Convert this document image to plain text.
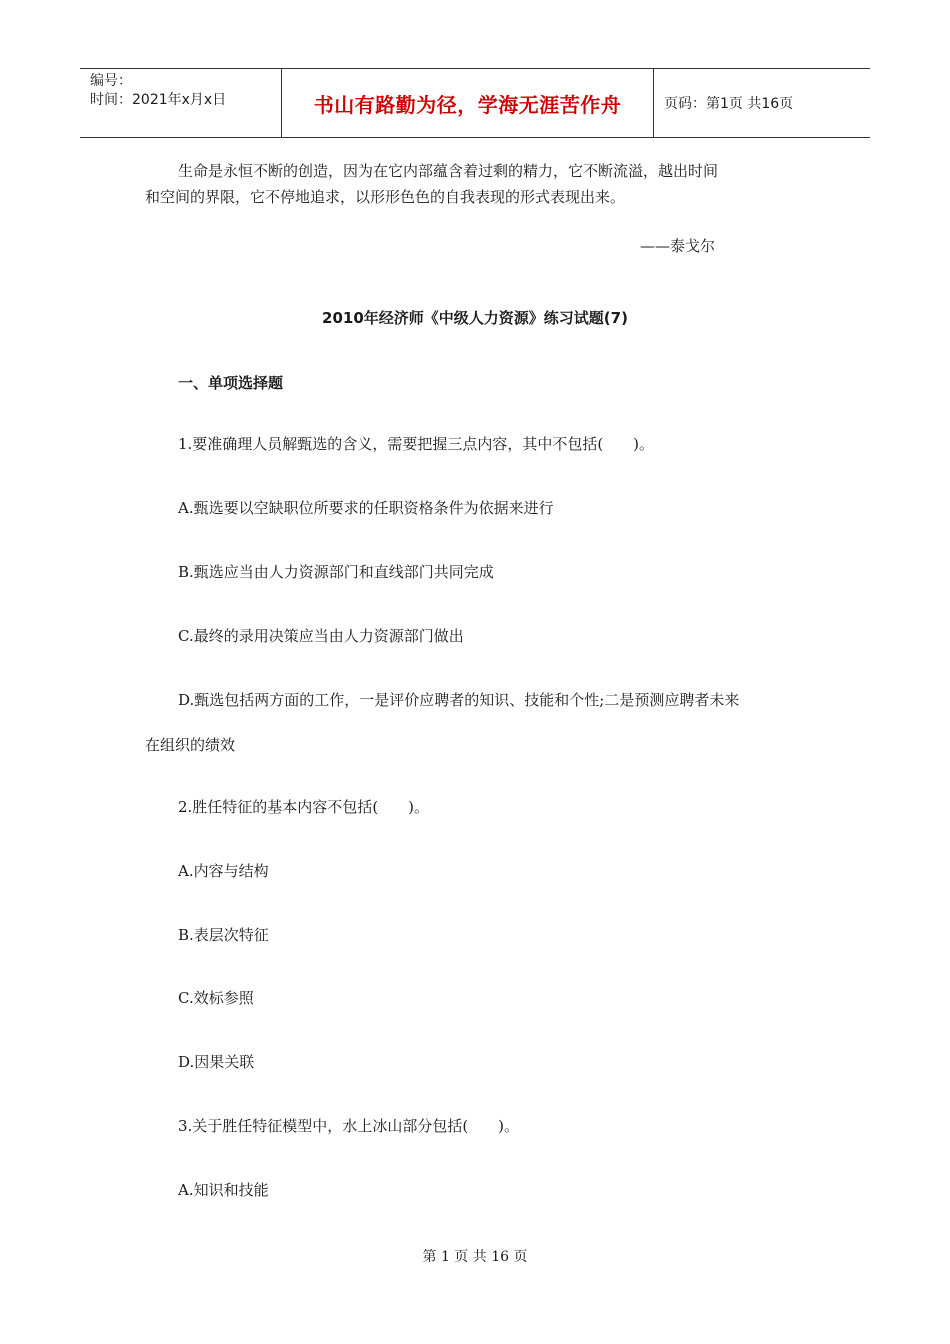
编号：
时间：2021年x月x日	书山有路勤为径，学海无涯苦作舟	页码：第1页 共16页

生命是永恒不断的创造，因为在它内部蕴含着过剩的精力，它不断流溢，越出时间

和空间的界限，它不停地追求，以形形色色的自我表现的形式表现出来。

——泰戈尔
2010年经济师《中级人力资源》练习试题(7)
一、单项选择题
1.要准确理人员解甄选的含义，需要把握三点内容，其中不包括(　　)。
A.甄选要以空缺职位所要求的任职资格条件为依据来进行
B.甄选应当由人力资源部门和直线部门共同完成
C.最终的录用决策应当由人力资源部门做出
D.甄选包括两方面的工作，一是评价应聘者的知识、技能和个性;二是预测应聘者未来
在组织的绩效
2.胜任特征的基本内容不包括(　　)。
A.内容与结构
B.表层次特征
C.效标参照
D.因果关联
3.关于胜任特征模型中，水上冰山部分包括(　　)。
A.知识和技能
第 1 页 共 16 页
